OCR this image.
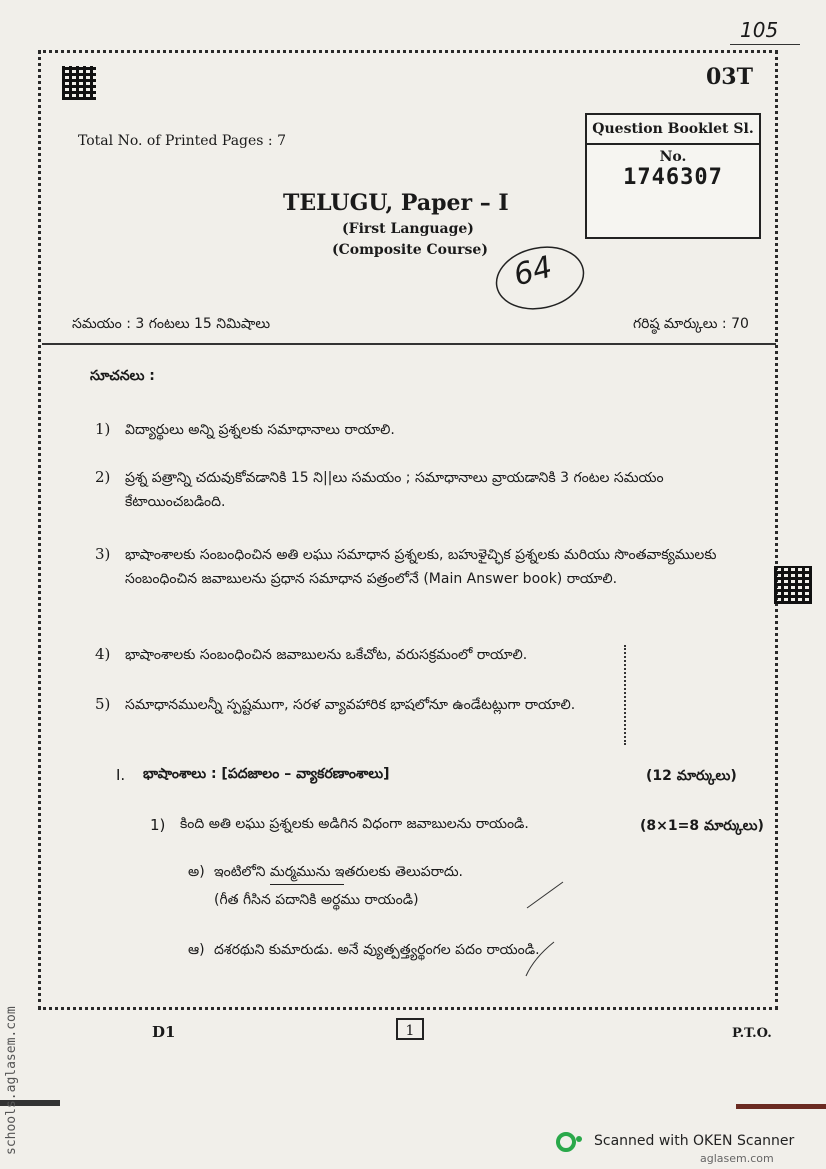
105
03T
Total No. of Printed Pages : 7
Question Booklet Sl. No.
1746307
TELUGU, Paper – I
(First Language)
(Composite Course) 64
సమయం : 3 గంటలు 15 నిమిషాలు	గరిష్ఠ మార్కులు : 70
సూచనలు :
1) విద్యార్థులు అన్ని ప్రశ్నలకు సమాధానాలు రాయాలి.
2) ప్రశ్న పత్రాన్ని చదువుకోవడానికి 15 ని||లు సమయం ; సమాధానాలు వ్రాయడానికి 3 గంటల సమయం కేటాయించబడింది.
3) భాషాంశాలకు సంబంధించిన అతి లఘు సమాధాన ప్రశ్నలకు, బహుళైచ్ఛిక ప్రశ్నలకు మరియు సొంతవాక్యములకు సంబంధించిన జవాబులను ప్రధాన సమాధాన పత్రంలోనే (Main Answer book) రాయాలి.
4) భాషాంశాలకు సంబంధించిన జవాబులను ఒకేచోట, వరుసక్రమంలో రాయాలి.
5) సమాధానములన్నీ స్పష్టముగా, సరళ వ్యావహారిక భాషలోనూ ఉండేటట్లుగా రాయాలి.
I. భాషాంశాలు : [పదజాలం – వ్యాకరణాంశాలు]	(12 మార్కులు)
1) కింది అతి లఘు ప్రశ్నలకు అడిగిన విధంగా జవాబులను రాయండి.	(8×1=8 మార్కులు)
అ) ఇంటిలోని మర్మమును ఇతరులకు తెలుపరాదు.
(గీత గీసిన పదానికి అర్థము రాయండి)
ఆ) దశరథుని కుమారుడు. అనే వ్యుత్పత్త్యర్థంగల పదం రాయండి.
D1	1	P.T.O.
schools.aglasem.com	Scanned with OKEN Scanner
aglasem.com
